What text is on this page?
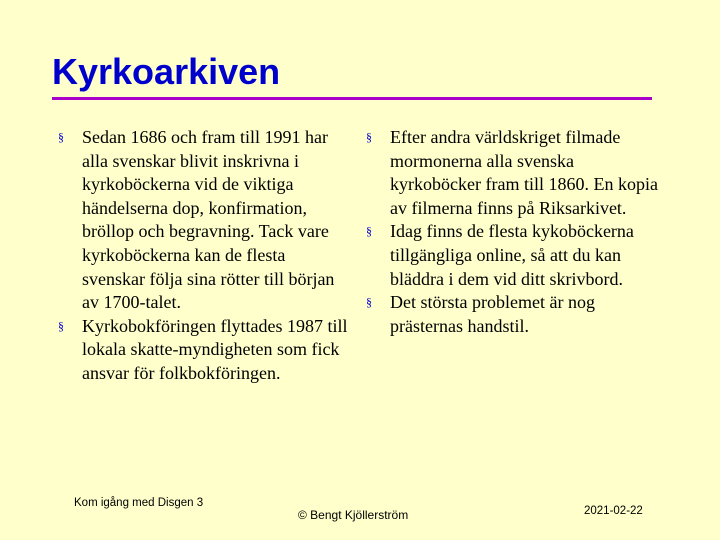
Kyrkoarkiven

§ Sedan 1686 och fram till 1991 har alla svenskar blivit inskrivna i kyrkoböckerna vid de viktiga händelserna dop, konfirmation, bröllop och begravning. Tack vare kyrkoböckerna kan de flesta svenskar följa sina rötter till början av 1700-talet.

§ Kyrkobokföringen flyttades 1987 till lokala skatte-myndigheten som fick ansvar för folkbokföringen.

§ Efter andra världskriget filmade mormonerna alla svenska kyrkoböcker fram till 1860. En kopia av filmerna finns på Riksarkivet.

§ Idag finns de flesta kykoböckerna tillgängliga online, så att du kan bläddra i dem vid ditt skrivbord.

§ Det största problemet är nog prästernas handstil.

Kom igång med Disgen 3
© Bengt Kjöllerström	2021-02-22
